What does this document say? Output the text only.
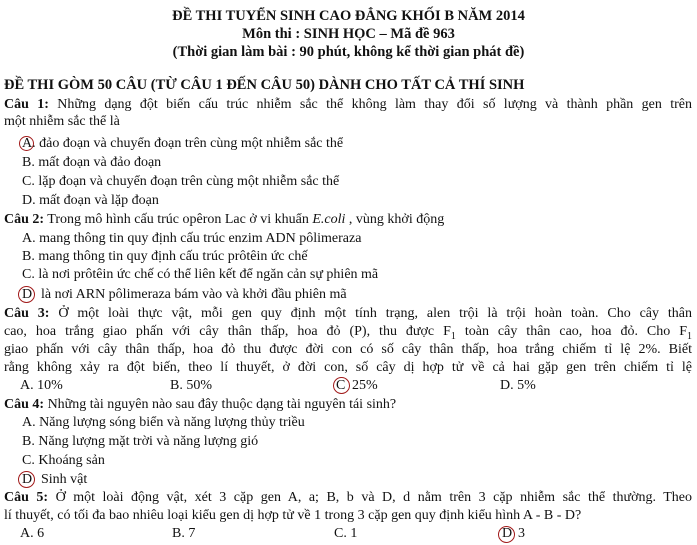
ĐỀ THI TUYỂN SINH CAO ĐẲNG KHỐI B NĂM 2014
Môn thi : SINH HỌC – Mã đề 963
(Thời gian làm bài : 90 phút, không kể thời gian phát đề)
ĐỀ THI GÒM 50 CÂU (TỪ CÂU 1 ĐẾN CÂU 50) DÀNH CHO TẤT CẢ THÍ SINH
Câu 1: Những dạng đột biến cấu trúc nhiễm sắc thể không làm thay đổi số lượng và thành phần gen trên
một nhiễm sắc thể là
A. đảo đoạn và chuyển đoạn trên cùng một nhiễm sắc thể
B. mất đoạn và đảo đoạn
C. lặp đoạn và chuyển đoạn trên cùng một nhiễm sắc thể
D. mất đoạn và lặp đoạn
Câu 2: Trong mô hình cấu trúc opêron Lac ở vi khuẩn E.coli , vùng khởi động
A. mang thông tin quy định cấu trúc enzim ADN pôlimeraza
B. mang thông tin quy định cấu trúc prôtêin ức chế
C. là nơi prôtêin ức chế có thể liên kết để ngăn cản sự phiên mã
D là nơi ARN pôlimeraza bám vào và khởi đầu phiên mã
Câu 3: Ở một loài thực vật, mỗi gen quy định một tính trạng, alen trội là trội hoàn toàn. Cho cây thân
cao, hoa trắng giao phấn với cây thân thấp, hoa đỏ (P), thu được $F_1$ toàn cây thân cao, hoa đỏ. Cho $F_1$
giao phấn với cây thân thấp, hoa đỏ thu được đời con có số cây thân thấp, hoa trắng chiếm tỉ lệ 2%. Biết
rằng không xảy ra đột biến, theo lí thuyết, ở đời con, số cây dị hợp tử về cả hai gặp gen trên chiếm tỉ lệ
A. 10%	B. 50%	C 25%	D. 5%
Câu 4: Những tài nguyên nào sau đây thuộc dạng tài nguyên tái sinh?
A. Năng lượng sóng biển và năng lượng thủy triều
B. Năng lượng mặt trời và năng lượng gió
C. Khoáng sản
D Sinh vật
Câu 5: Ở một loài động vật, xét 3 cặp gen A, a; B, b và D, d nằm trên 3 cặp nhiễm sắc thể thường. Theo
lí thuyết, có tối đa bao nhiêu loại kiểu gen dị hợp tử về 1 trong 3 cặp gen quy định kiểu hình A - B - D?
A. 6	B. 7	C. 1	D 3
